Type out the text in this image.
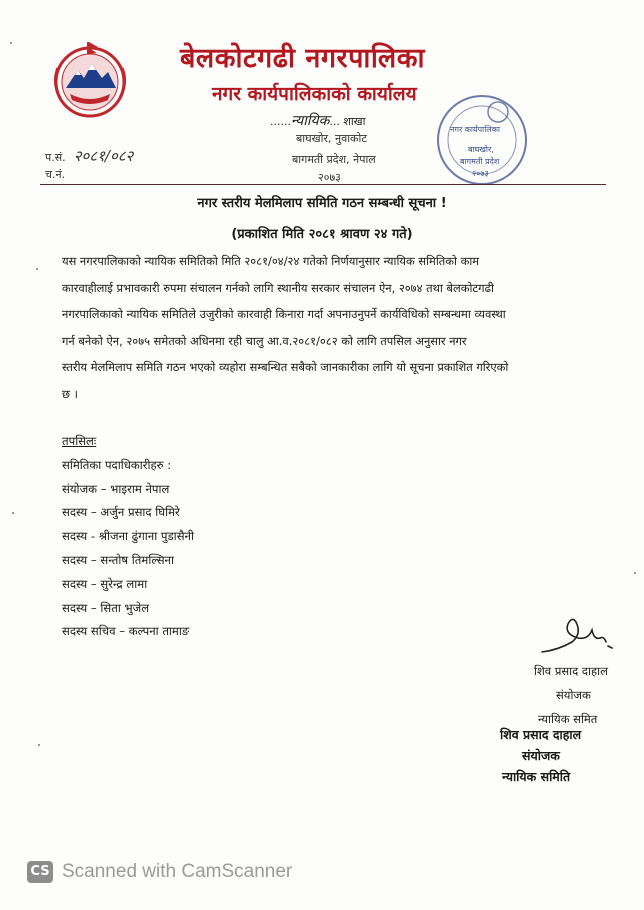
बेलकोटगढी नगरपालिका
नगर कार्यपालिकाको कार्यालय
......न्यायिक... शाखा
बाघखोर, नुवाकोट
बागमती प्रदेश, नेपाल
२०७३
प.सं. २०८१/०८२
च.नं.
नगर कार्यपालिका
बाघखोर,
बागमती प्रदेश
२०७३
नगर स्तरीय मेलमिलाप समिति गठन सम्बन्धी सूचना !
(प्रकाशित मिति २०८१ श्रावण २४ गते)
यस नगरपालिकाको न्यायिक समितिको मिति २०८१/०४/२४ गतेको निर्णयानुसार न्यायिक समितिको काम
कारवाहीलाई प्रभावकारी रुपमा संचालन गर्नको लागि स्थानीय सरकार संचालन ऐन, २०७४ तथा बेलकोटगढी
नगरपालिकाको न्यायिक समितिले उजुरीको कारवाही किनारा गर्दा अपनाउनुपर्ने कार्यविधिको सम्बन्धमा व्यवस्था
गर्न बनेको ऐन, २०७५ समेतको अधिनमा रही चालु आ.व.२०८१/०८२ को लागि तपसिल अनुसार नगर
स्तरीय मेलमिलाप समिति गठन भएको व्यहोरा सम्बन्धित सबैको जानकारीका लागि यो सूचना प्रकाशित गरिएको
छ ।
तपसिलः
समितिका पदाधिकारीहरु :
संयोजक – भाइराम नेपाल
सदस्य – अर्जुन प्रसाद घिमिरे
सदस्य - श्रीजना ढुंगाना पुडासैनी
सदस्य – सन्तोष तिमल्सिना
सदस्य – सुरेन्द्र लामा
सदस्य – सिता भुजेल
सदस्य सचिव – कल्पना तामाङ
शिव प्रसाद दाहाल
संयोजक
न्यायिक समित
शिव प्रसाद दाहाल
संयोजक
न्यायिक समिति
CS Scanned with CamScanner
